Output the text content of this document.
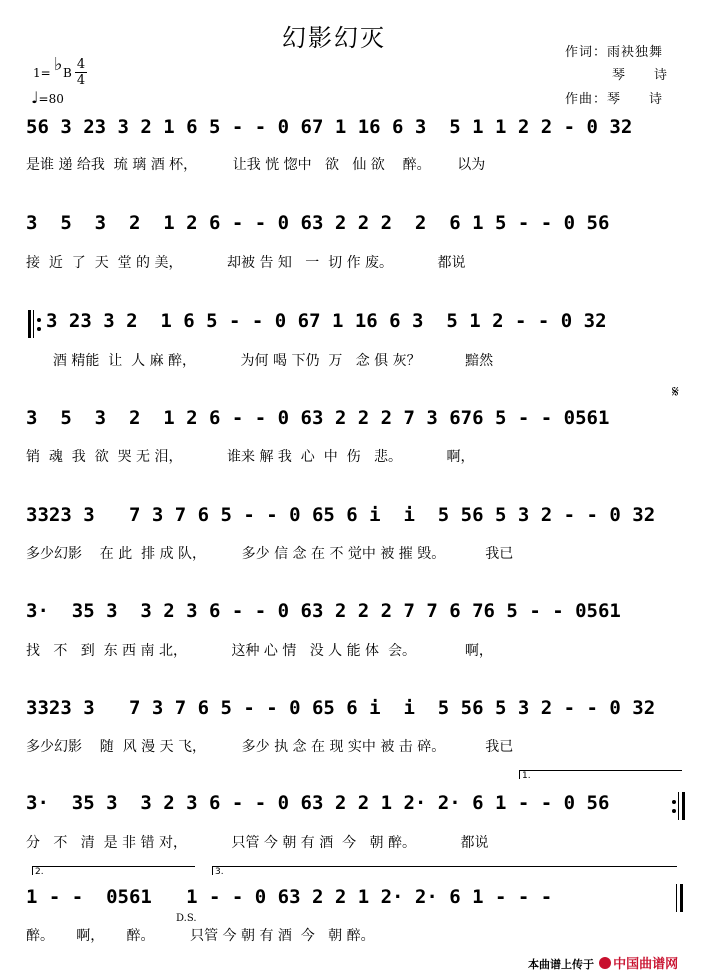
幻影幻灭
作词：雨袂独舞
琴　　诗
作曲：琴　　诗
1= ♭ B
4
4
♩=80
56 3 23 3 2 1 6 5 - - 0 67 1 16 6 3  5 1 1 2 2 - 0 32
是谁 递 给我  琉 璃 酒 杯，        让我 恍 惚中   欲   仙 欲    醉。      以为
3  5  3  2  1 2 6 - - 0 63 2 2 2  2  6 1 5 - - 0 56
接  近  了  天  堂 的 美，          却被 告 知   一  切 作 废。          都说
3 23 3 2  1 6 5 - - 0 67 1 16 6 3  5 1 2 - - 0 32
酒 精能  让  人 麻 醉，          为何 喝 下仍  万   念 俱 灰？          黯然
3  5  3  2  1 2 6 - - 0 63 2 2 2 7 3 676 5 - - 0561
销  魂  我  欲  哭 无 泪，          谁来 解 我  心  中  伤   悲。          啊，
𝄋
3323 3   7 3 7 6 5 - - 0 65 6 i  i  5 56 5 3 2 - - 0 32
多少幻影    在 此  排 成 队，        多少 信 念 在 不 觉中 被 摧 毁。         我已
3·  35 3  3 2 3 6 - - 0 63 2 2 2 7 7 6 76 5 - - 0561
找   不   到  东 西 南 北，          这种 心 情   没 人 能 体  会。           啊，
3323 3   7 3 7 6 5 - - 0 65 6 i  i  5 56 5 3 2 - - 0 32
多少幻影    随  风 漫 天 飞，        多少 执 念 在 现 实中 被 击 碎。         我已
1.
3·  35 3  3 2 3 6 - - 0 63 2 2 1 2· 2· 6 1 - - 0 56
分   不   清  是 非 错 对，          只管 今 朝 有 酒  今   朝 醉。          都说
2.	3.
1 - -  0561   1 - - 0 63 2 2 1 2· 2· 6 1 - - -
D.S.
醉。     啊，     醉。        只管 今 朝 有 酒  今   朝 醉。
本曲谱上传于 中国曲谱网
